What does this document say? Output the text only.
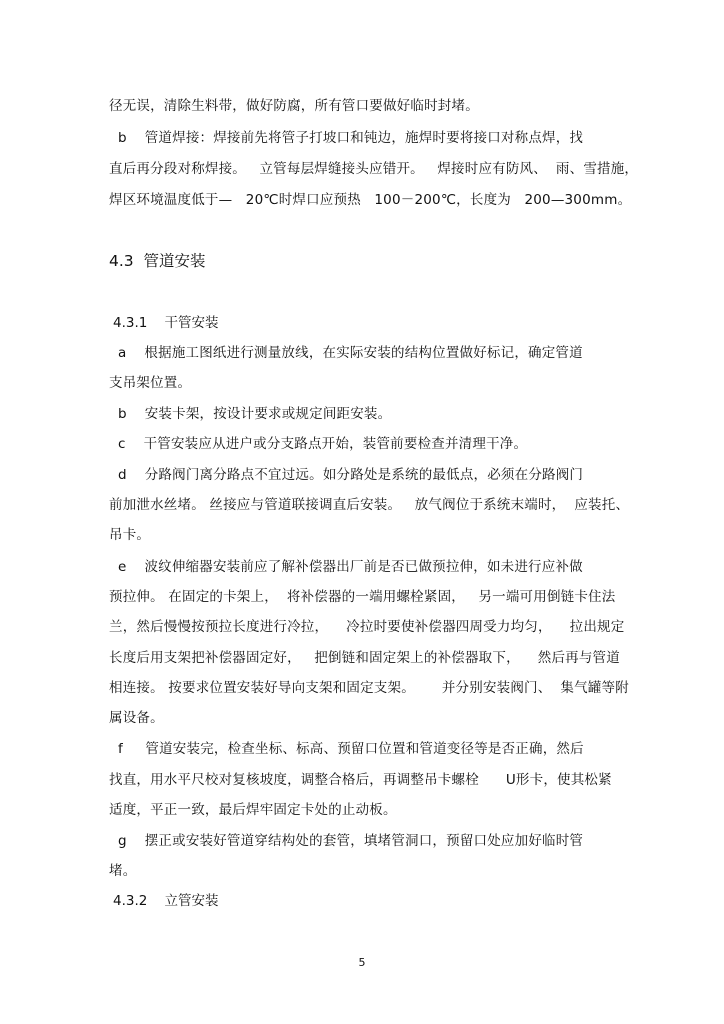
径无误，清除生料带，做好防腐，所有管口要做好临时封堵。
b    管道焊接：焊接前先将管子打坡口和钝边，施焊时要将接口对称点焊，找
直后再分段对称焊接。   立管每层焊缝接头应错开。   焊接时应有防风、  雨、雪措施，
焊区环境温度低于—   20℃时焊口应预热   100－200℃，长度为   200—300mm。
4.3  管道安装
4.3.1    干管安装
a    根据施工图纸进行测量放线，在实际安装的结构位置做好标记，确定管道
支吊架位置。
b    安装卡架，按设计要求或规定间距安装。
c    干管安装应从进户或分支路点开始，装管前要检查并清理干净。
d    分路阀门离分路点不宜过远。如分路处是系统的最低点，必须在分路阀门
前加泄水丝堵。 丝接应与管道联接调直后安装。   放气阀位于系统末端时，  应装托、
吊卡。
e    波纹伸缩器安装前应了解补偿器出厂前是否已做预拉伸，如未进行应补做
预拉伸。 在固定的卡架上，  将补偿器的一端用螺栓紧固，   另一端可用倒链卡住法
兰，然后慢慢按预拉长度进行冷拉，    冷拉时要使补偿器四周受力均匀，    拉出规定
长度后用支架把补偿器固定好，   把倒链和固定架上的补偿器取下，    然后再与管道
相连接。 按要求位置安装好导向支架和固定支架。      并分别安装阀门、  集气罐等附
属设备。
f     管道安装完，检查坐标、标高、预留口位置和管道变径等是否正确，然后
找直，用水平尺校对复核坡度，调整合格后，再调整吊卡螺栓      U形卡，使其松紧
适度，平正一致，最后焊牢固定卡处的止动板。
g    摆正或安装好管道穿结构处的套管，填堵管洞口，预留口处应加好临时管
堵。
4.3.2    立管安装
5
